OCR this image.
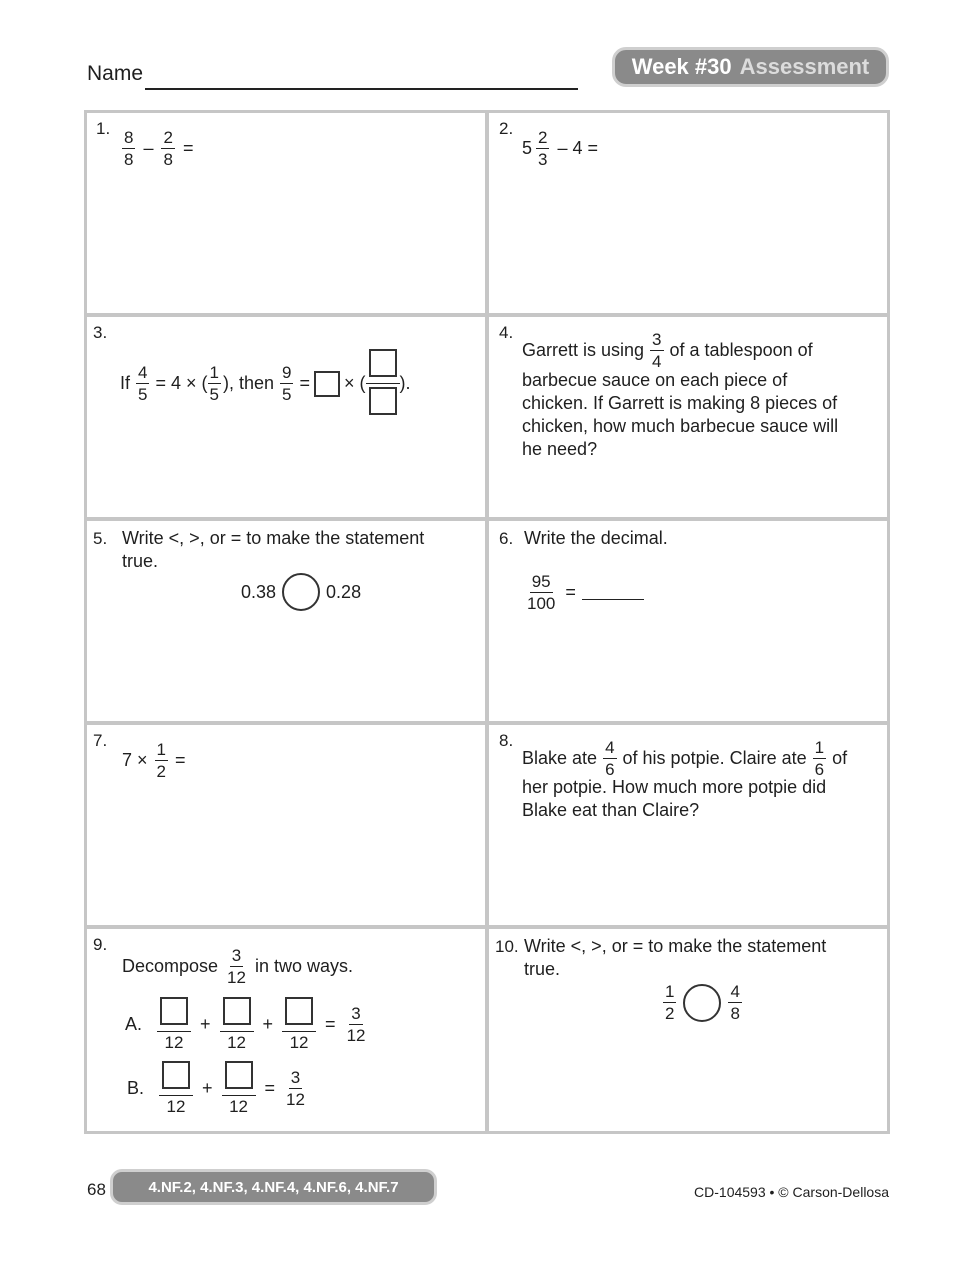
Name	Week #30 Assessment
1.
$\frac{8}{8} - \frac{2}{8}$ =
2.
$5 \frac{2}{3} - 4$ =
3.
If $\frac{4}{5} = 4$ × ( $\frac{1}{5}$ ), then $\frac{9}{5}$ = × ( ).
4.
Garrett is using $\frac{3}{4}$ of a tablespoon of
barbecue sauce on each piece of
chicken. If Garrett is making 8 pieces of
chicken, how much barbecue sauce will
he need?
5. Write <, >, or = to make the statement
true.
0.38	0.28
6. Write the decimal.
$\frac{95}{100}$ =
7.
$7 \times \frac{1}{2}$ =
8.
Blake ate $\frac{4}{6}$ of his potpie. Claire ate $\frac{1}{6}$ of
her potpie. How much more potpie did
Blake eat than Claire?
9.
Decompose $\frac{3}{12}$ in two ways.
A.
12
+
12
+
12
= $\frac{3}{12}$
B.
12
+
12
= $\frac{3}{12}$
10. Write <, >, or = to make the statement
true.
$\frac{1}{2}$	$\frac{4}{8}$
68	4.NF.2, 4.NF.3, 4.NF.4, 4.NF.6, 4.NF.7	CD-104593 • © Carson-Dellosa
